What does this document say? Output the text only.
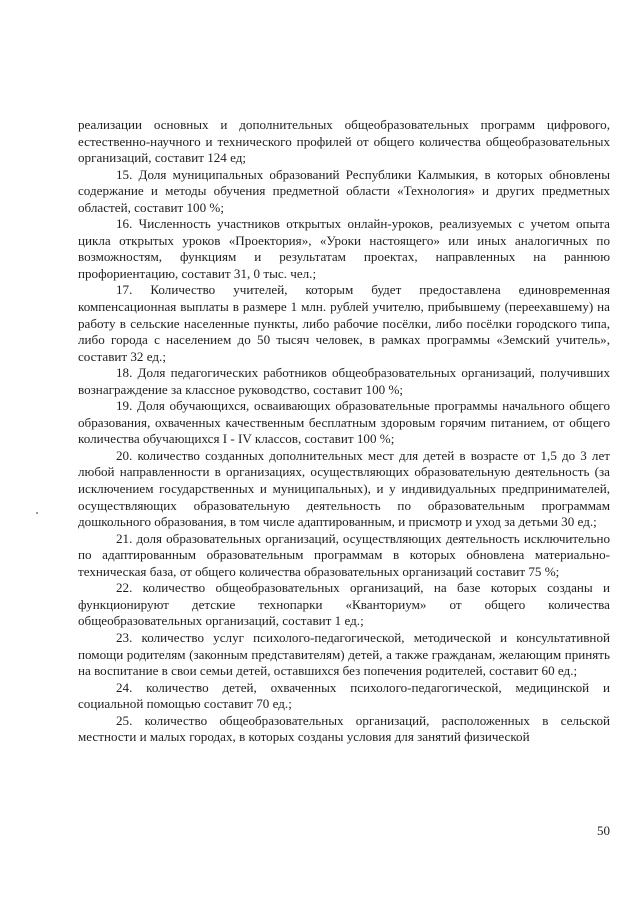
реализации основных и дополнительных общеобразовательных программ цифрового, естественно-научного и технического профилей от общего количества общеобразовательных организаций, составит 124 ед;

15. Доля муниципальных образований Республики Калмыкия, в которых обновлены содержание и методы обучения предметной области «Технология» и других предметных областей, составит 100 %;

16. Численность участников открытых онлайн-уроков, реализуемых с учетом опыта цикла открытых уроков «Проектория», «Уроки настоящего» или иных аналогичных по возможностям, функциям и результатам проектах, направленных на раннюю профориентацию, составит 31, 0 тыс. чел.;

17. Количество учителей, которым будет предоставлена единовременная компенсационная выплаты в размере 1 млн. рублей учителю, прибывшему (переехавшему) на работу в сельские населенные пункты, либо рабочие посёлки, либо посёлки городского типа, либо города с населением до 50 тысяч человек, в рамках программы «Земский учитель», составит 32 ед.;

18. Доля педагогических работников общеобразовательных организаций, получивших вознаграждение за классное руководство, составит 100 %;

19. Доля обучающихся, осваивающих образовательные программы начального общего образования, охваченных качественным бесплатным здоровым горячим питанием, от общего количества обучающихся I - IV классов, составит 100 %;

20. количество созданных дополнительных мест для детей в возрасте от 1,5 до 3 лет любой направленности в организациях, осуществляющих образовательную деятельность (за исключением государственных и муниципальных), и у индивидуальных предпринимателей, осуществляющих образовательную деятельность по образовательным программам дошкольного образования, в том числе адаптированным, и присмотр и уход за детьми 30 ед.;

21. доля образовательных организаций, осуществляющих деятельность исключительно по адаптированным образовательным программам в которых обновлена материально- техническая база, от общего количества образовательных организаций составит 75 %;

22. количество общеобразовательных организаций, на базе которых созданы и функционируют детские технопарки «Кванториум» от общего количества общеобразовательных организаций, составит 1 ед.;

23. количество услуг психолого-педагогической, методической и консультативной помощи родителям (законным представителям) детей, а также гражданам, желающим принять на воспитание в свои семьи детей, оставшихся без попечения родителей, составит 60 ед.;

24. количество детей, охваченных психолого-педагогической, медицинской и социальной помощью составит 70 ед.;

25. количество общеобразовательных организаций, расположенных в сельской местности и малых городах, в которых созданы условия для занятий физической

50
